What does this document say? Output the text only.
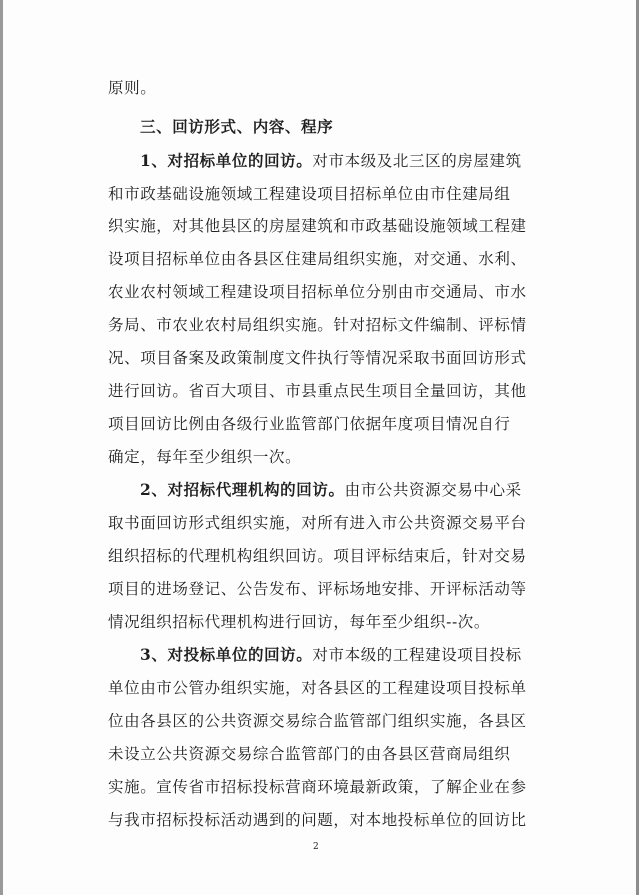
原则。
三、回访形式、内容、程序
1、对招标单位的回访。对市本级及北三区的房屋建筑
和市政基础设施领域工程建设项目招标单位由市住建局组
织实施，对其他县区的房屋建筑和市政基础设施领域工程建
设项目招标单位由各县区住建局组织实施，对交通、水利、
农业农村领域工程建设项目招标单位分别由市交通局、市水
务局、市农业农村局组织实施。针对招标文件编制、评标情
况、项目备案及政策制度文件执行等情况采取书面回访形式
进行回访。省百大项目、市县重点民生项目全量回访，其他
项目回访比例由各级行业监管部门依据年度项目情况自行
确定，每年至少组织一次。
2、对招标代理机构的回访。由市公共资源交易中心采
取书面回访形式组织实施，对所有进入市公共资源交易平台
组织招标的代理机构组织回访。项目评标结束后，针对交易
项目的进场登记、公告发布、评标场地安排、开评标活动等
情况组织招标代理机构进行回访，每年至少组织--次。
3、对投标单位的回访。对市本级的工程建设项目投标
单位由市公管办组织实施，对各县区的工程建设项目投标单
位由各县区的公共资源交易综合监管部门组织实施，各县区
未设立公共资源交易综合监管部门的由各县区营商局组织
实施。宣传省市招标投标营商环境最新政策，了解企业在参
与我市招标投标活动遇到的问题，对本地投标单位的回访比
2
